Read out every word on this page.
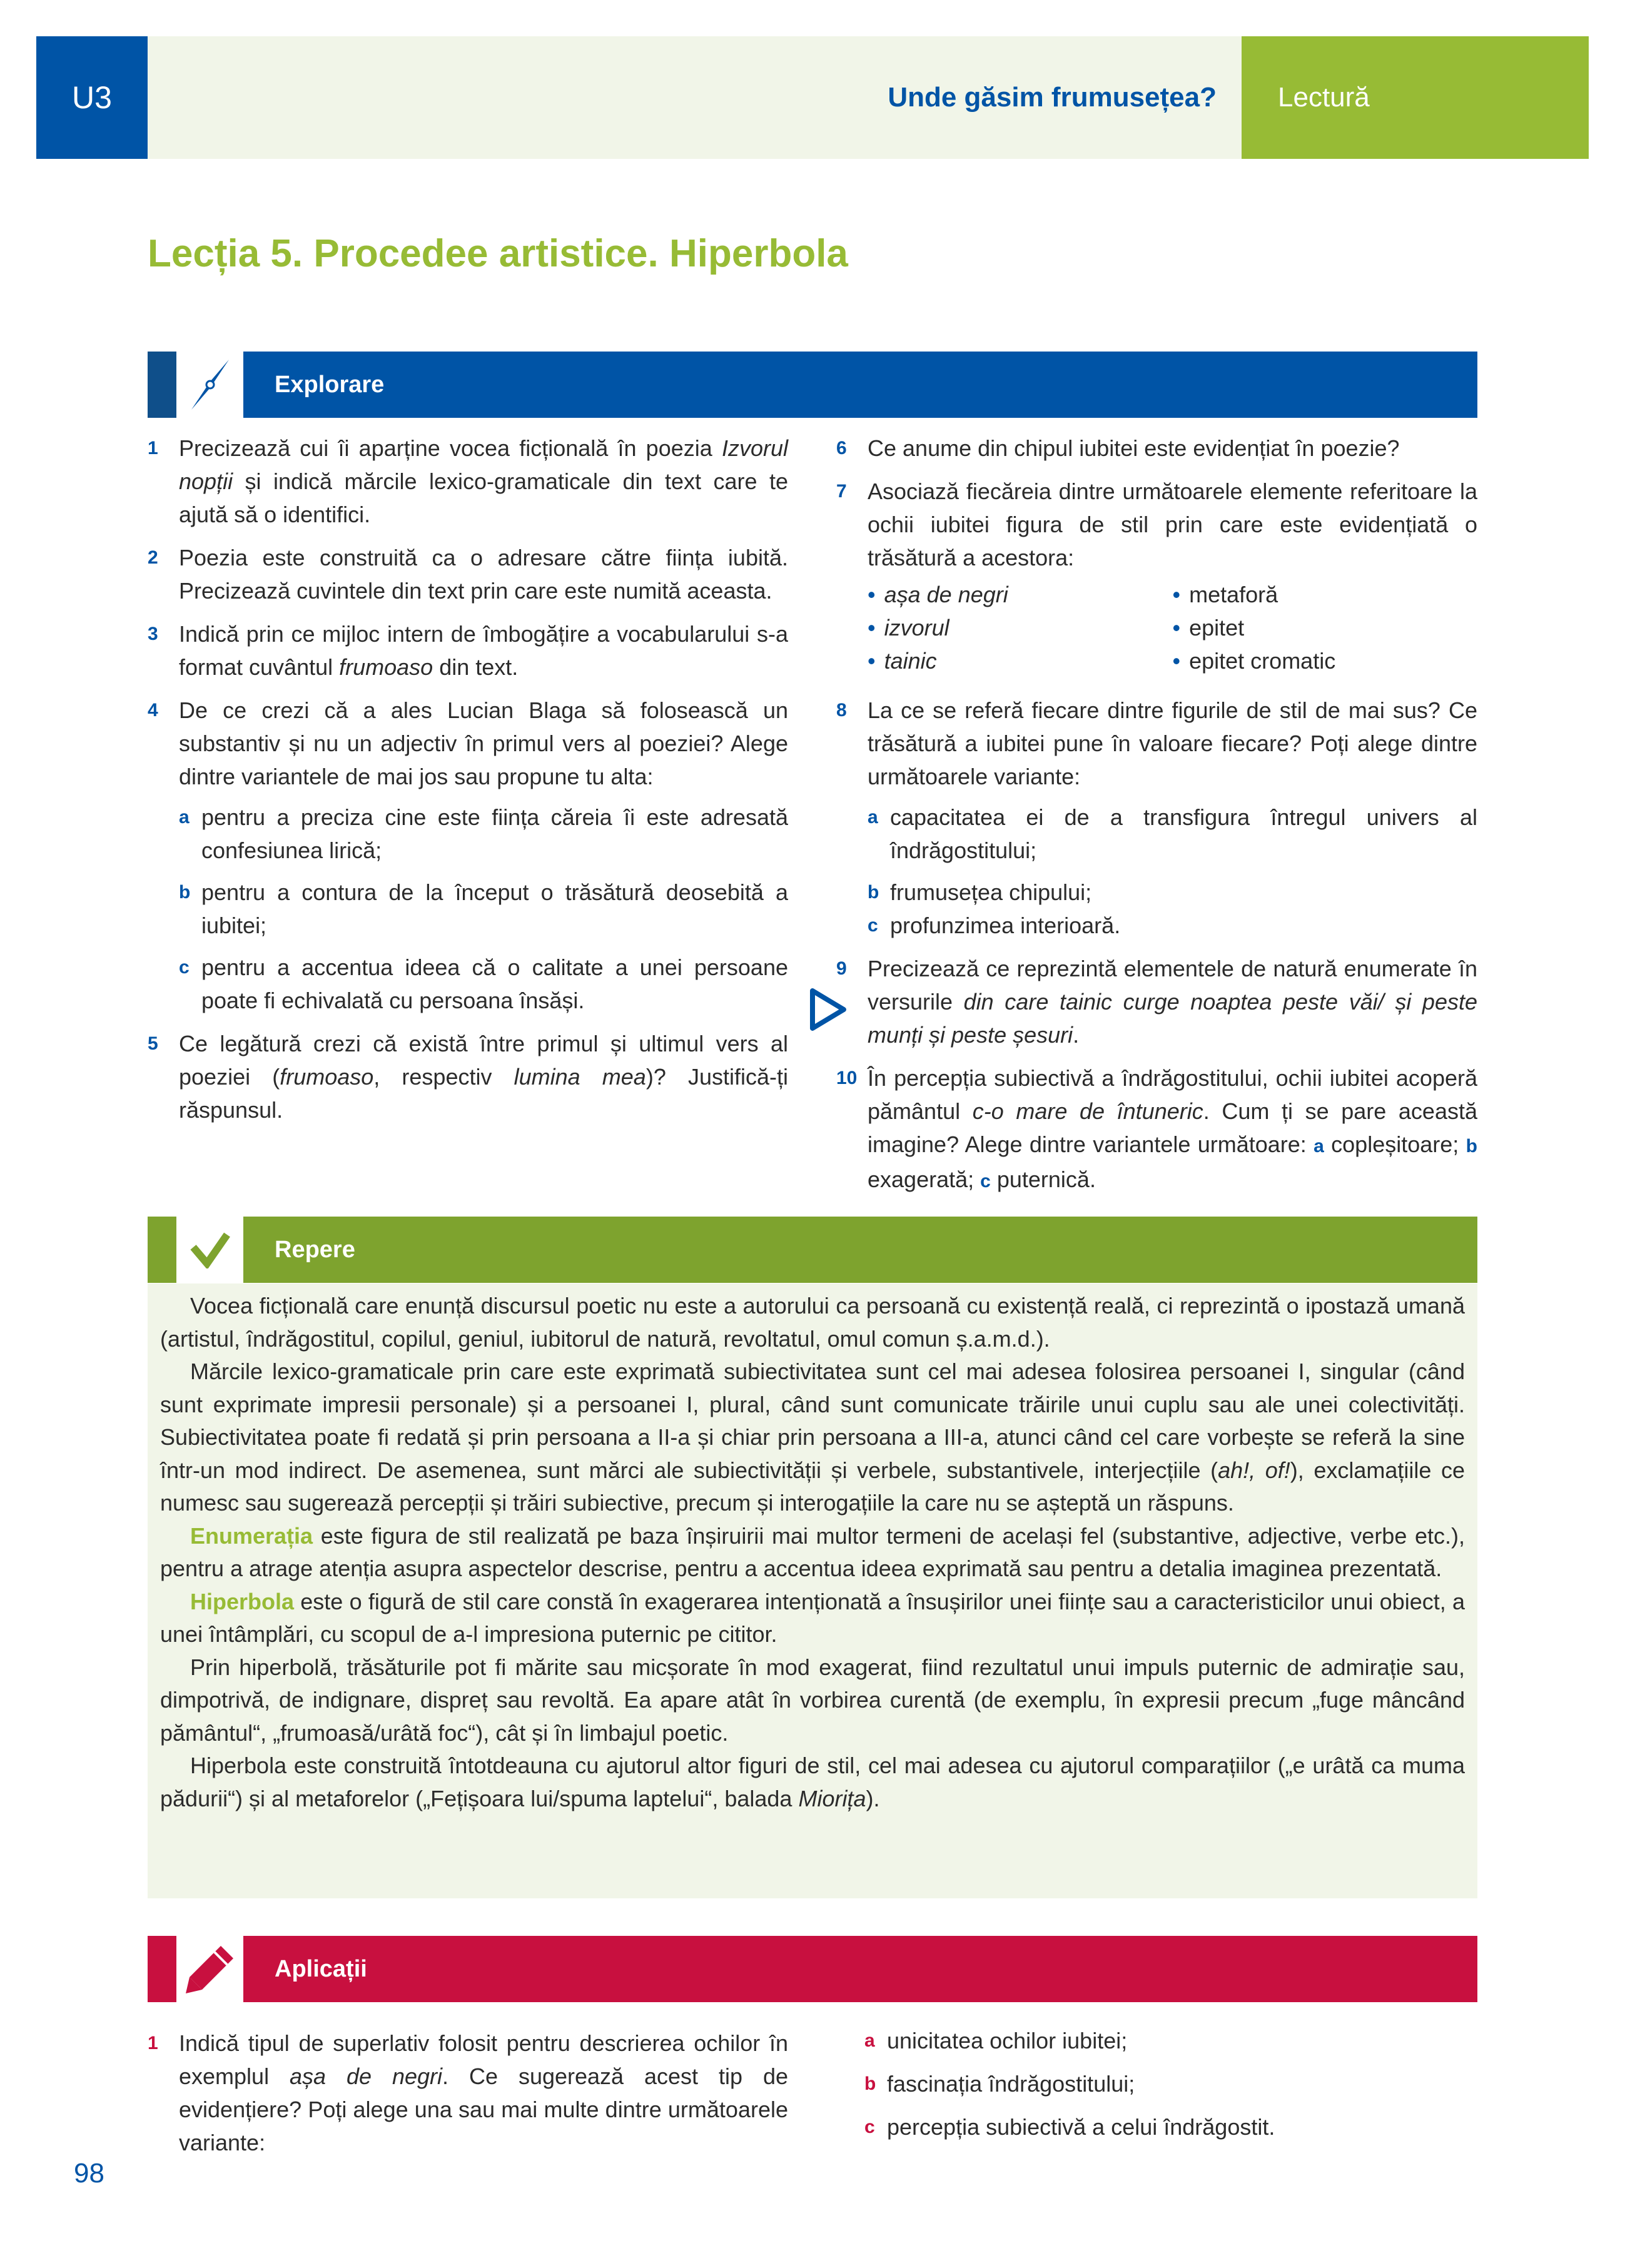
U3	Unde găsim frumusețea?	Lectură
Lecția 5. Procedee artistice. Hiperbola
Explorare
1 Precizează cui îi aparține vocea ficțională în poezia Izvorul nopții și indică mărcile lexico-gramaticale din text care te ajută să o identifici.
2 Poezia este construită ca o adresare către ființa iubită. Precizează cuvintele din text prin care este numită aceasta.
3 Indică prin ce mijloc intern de îmbogățire a vocabularului s-a format cuvântul frumoaso din text.
4 De ce crezi că a ales Lucian Blaga să folosească un substantiv și nu un adjectiv în primul vers al poeziei? Alege dintre variantele de mai jos sau propune tu alta:
a pentru a preciza cine este ființa căreia îi este adresată confesiunea lirică;
b pentru a contura de la început o trăsătură deosebită a iubitei;
c pentru a accentua ideea că o calitate a unei persoane poate fi echivalată cu persoana însăși.
5 Ce legătură crezi că există între primul și ultimul vers al poeziei (frumoaso, respectiv lumina mea)? Justifică-ți răspunsul.
6 Ce anume din chipul iubitei este evidențiat în poezie?
7 Asociază fiecăreia dintre următoarele elemente referitoare la ochii iubitei figura de stil prin care este evidențiată o trăsătură a acestora:
• așa de negri
• izvorul
• tainic
• metaforă
• epitet
• epitet cromatic
8 La ce se referă fiecare dintre figurile de stil de mai sus? Ce trăsătură a iubitei pune în valoare fiecare? Poți alege dintre următoarele variante:
a capacitatea ei de a transfigura întregul univers al îndrăgostitului;
b frumusețea chipului;
c profunzimea interioară.
9 Precizează ce reprezintă elementele de natură enumerate în versurile din care tainic curge noaptea peste văi/ și peste munți și peste șesuri.
10 În percepția subiectivă a îndrăgostitului, ochii iubitei acoperă pământul c-o mare de întuneric. Cum ți se pare această imagine? Alege dintre variantele următoare: a copleșitoare; b exagerată; c puternică.
Repere

Vocea ficțională care enunță discursul poetic nu este a autorului ca persoană cu existență reală, ci reprezintă o ipostază umană (artistul, îndrăgostitul, copilul, geniul, iubitorul de natură, revoltatul, omul comun ș.a.m.d.).

Mărcile lexico-gramaticale prin care este exprimată subiectivitatea sunt cel mai adesea folosirea persoanei I, singular (când sunt exprimate impresii personale) și a persoanei I, plural, când sunt comunicate trăirile unui cuplu sau ale unei colectivități. Subiectivitatea poate fi redată și prin persoana a II-a și chiar prin persoana a III-a, atunci când cel care vorbește se referă la sine într-un mod indirect. De asemenea, sunt mărci ale subiectivității și verbele, substantivele, interjecțiile (ah!, of!), exclamațiile ce numesc sau sugerează percepții și trăiri subiective, precum și interogațiile la care nu se așteptă un răspuns.

Enumerația este figura de stil realizată pe baza înșiruirii mai multor termeni de același fel (substantive, adjective, verbe etc.), pentru a atrage atenția asupra aspectelor descrise, pentru a accentua ideea exprimată sau pentru a detalia imaginea prezentată.

Hiperbola este o figură de stil care constă în exagerarea intenționată a însușirilor unei ființe sau a caracteristicilor unui obiect, a unei întâmplări, cu scopul de a-l impresiona puternic pe cititor.

Prin hiperbolă, trăsăturile pot fi mărite sau micșorate în mod exagerat, fiind rezultatul unui impuls puternic de admirație sau, dimpotrivă, de indignare, dispreț sau revoltă. Ea apare atât în vorbirea curentă (de exemplu, în expresii precum „fuge mâncând pământul“, „frumoasă/urâtă foc“), cât și în limbajul poetic.

Hiperbola este construită întotdeauna cu ajutorul altor figuri de stil, cel mai adesea cu ajutorul comparațiilor („e urâtă ca muma pădurii“) și al metaforelor („Fețișoara lui/spuma laptelui“, balada Miorița).

Aplicații
1 Indică tipul de superlativ folosit pentru descrierea ochilor în exemplul așa de negri. Ce sugerează acest tip de evidențiere? Poți alege una sau mai multe dintre următoarele variante:
a unicitatea ochilor iubitei;
b fascinația îndrăgostitului;
c percepția subiectivă a celui îndrăgostit.
98
